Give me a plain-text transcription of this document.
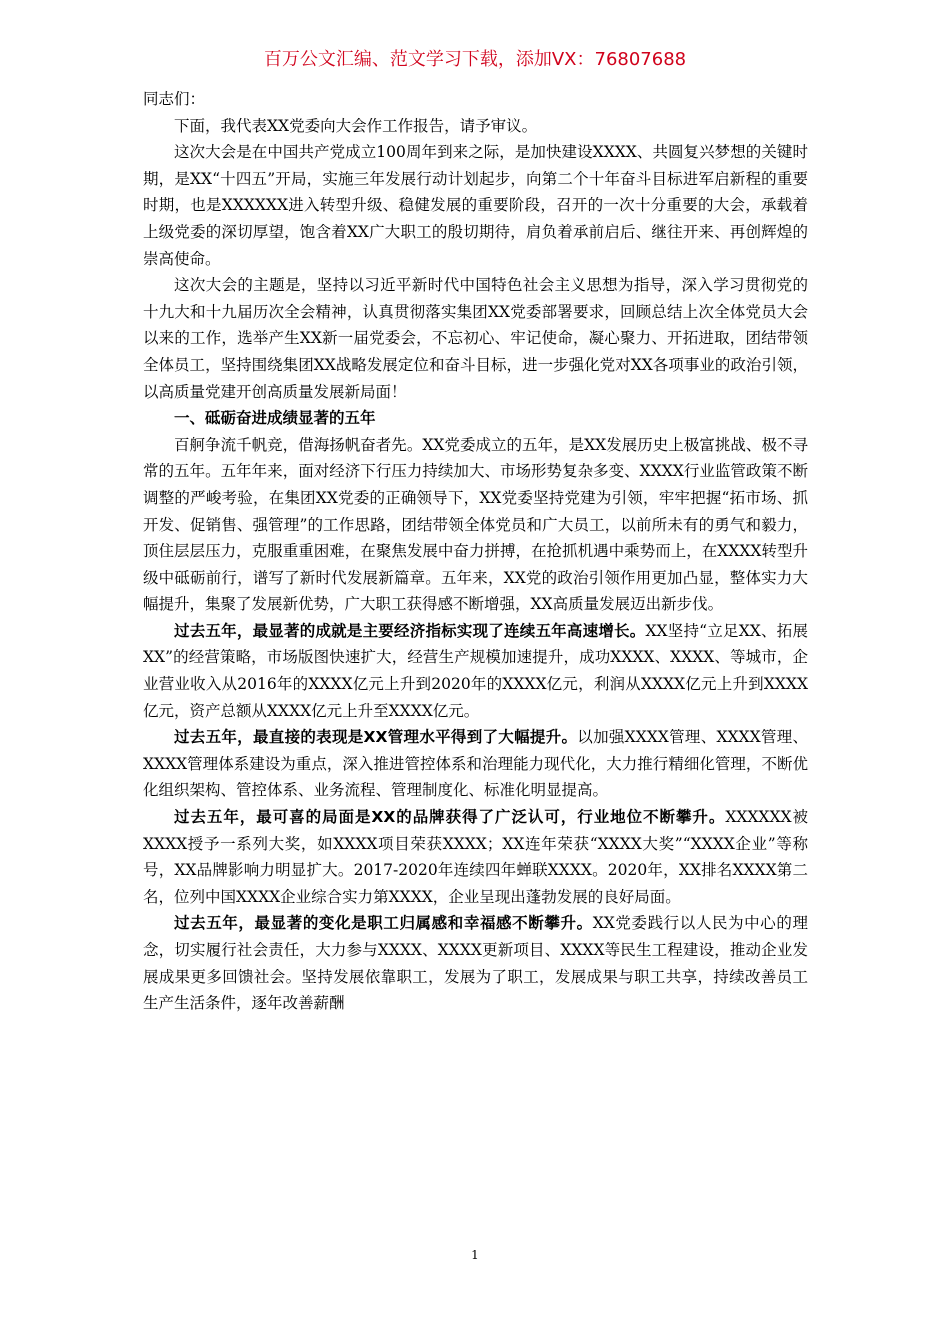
百万公文汇编、范文学习下载，添加VX：76807688

同志们：

下面，我代表XX党委向大会作工作报告，请予审议。

这次大会是在中国共产党成立100周年到来之际，是加快建设XXXX、共圆复兴梦想的关键时期，是XX“十四五”开局，实施三年发展行动计划起步，向第二个十年奋斗目标进军启新程的重要时期，也是XXXXXX进入转型升级、稳健发展的重要阶段，召开的一次十分重要的大会，承载着上级党委的深切厚望，饱含着XX广大职工的殷切期待，肩负着承前启后、继往开来、再创辉煌的崇高使命。

这次大会的主题是，坚持以习近平新时代中国特色社会主义思想为指导，深入学习贯彻党的十九大和十九届历次全会精神，认真贯彻落实集团XX党委部署要求，回顾总结上次全体党员大会以来的工作，选举产生XX新一届党委会，不忘初心、牢记使命，凝心聚力、开拓进取，团结带领全体员工，坚持围绕集团XX战略发展定位和奋斗目标，进一步强化党对XX各项事业的政治引领，以高质量党建开创高质量发展新局面！

一、砥砺奋进成绩显著的五年

百舸争流千帆竞，借海扬帆奋者先。XX党委成立的五年，是XX发展历史上极富挑战、极不寻常的五年。五年年来，面对经济下行压力持续加大、市场形势复杂多变、XXXX行业监管政策不断调整的严峻考验，在集团XX党委的正确领导下，XX党委坚持党建为引领，牢牢把握“拓市场、抓开发、促销售、强管理”的工作思路，团结带领全体党员和广大员工，以前所未有的勇气和毅力，顶住层层压力，克服重重困难，在聚焦发展中奋力拼搏，在抢抓机遇中乘势而上，在XXXX转型升级中砥砺前行，谱写了新时代发展新篇章。五年来，XX党的政治引领作用更加凸显，整体实力大幅提升，集聚了发展新优势，广大职工获得感不断增强，XX高质量发展迈出新步伐。

过去五年，最显著的成就是主要经济指标实现了连续五年高速增长。XX坚持“立足XX、拓展XX”的经营策略，市场版图快速扩大，经营生产规模加速提升，成功XXXX、XXXX、等城市，企业营业收入从2016年的XXXX亿元上升到2020年的XXXX亿元，利润从XXXX亿元上升到XXXX亿元，资产总额从XXXX亿元上升至XXXX亿元。

过去五年，最直接的表现是XX管理水平得到了大幅提升。以加强XXXX管理、XXXX管理、XXXX管理体系建设为重点，深入推进管控体系和治理能力现代化，大力推行精细化管理，不断优化组织架构、管控体系、业务流程、管理制度化、标准化明显提高。

过去五年，最可喜的局面是XX的品牌获得了广泛认可，行业地位不断攀升。XXXXXX被XXXX授予一系列大奖，如XXXX项目荣获XXXX；XX连年荣获“XXXX大奖”“XXXX企业”等称号，XX品牌影响力明显扩大。2017-2020年连续四年蝉联XXXX。2020年，XX排名XXXX第二名，位列中国XXXX企业综合实力第XXXX，企业呈现出蓬勃发展的良好局面。

过去五年，最显著的变化是职工归属感和幸福感不断攀升。XX党委践行以人民为中心的理念，切实履行社会责任，大力参与XXXX、XXXX更新项目、XXXX等民生工程建设，推动企业发展成果更多回馈社会。坚持发展依靠职工，发展为了职工，发展成果与职工共享，持续改善员工生产生活条件，逐年改善薪酬

1
